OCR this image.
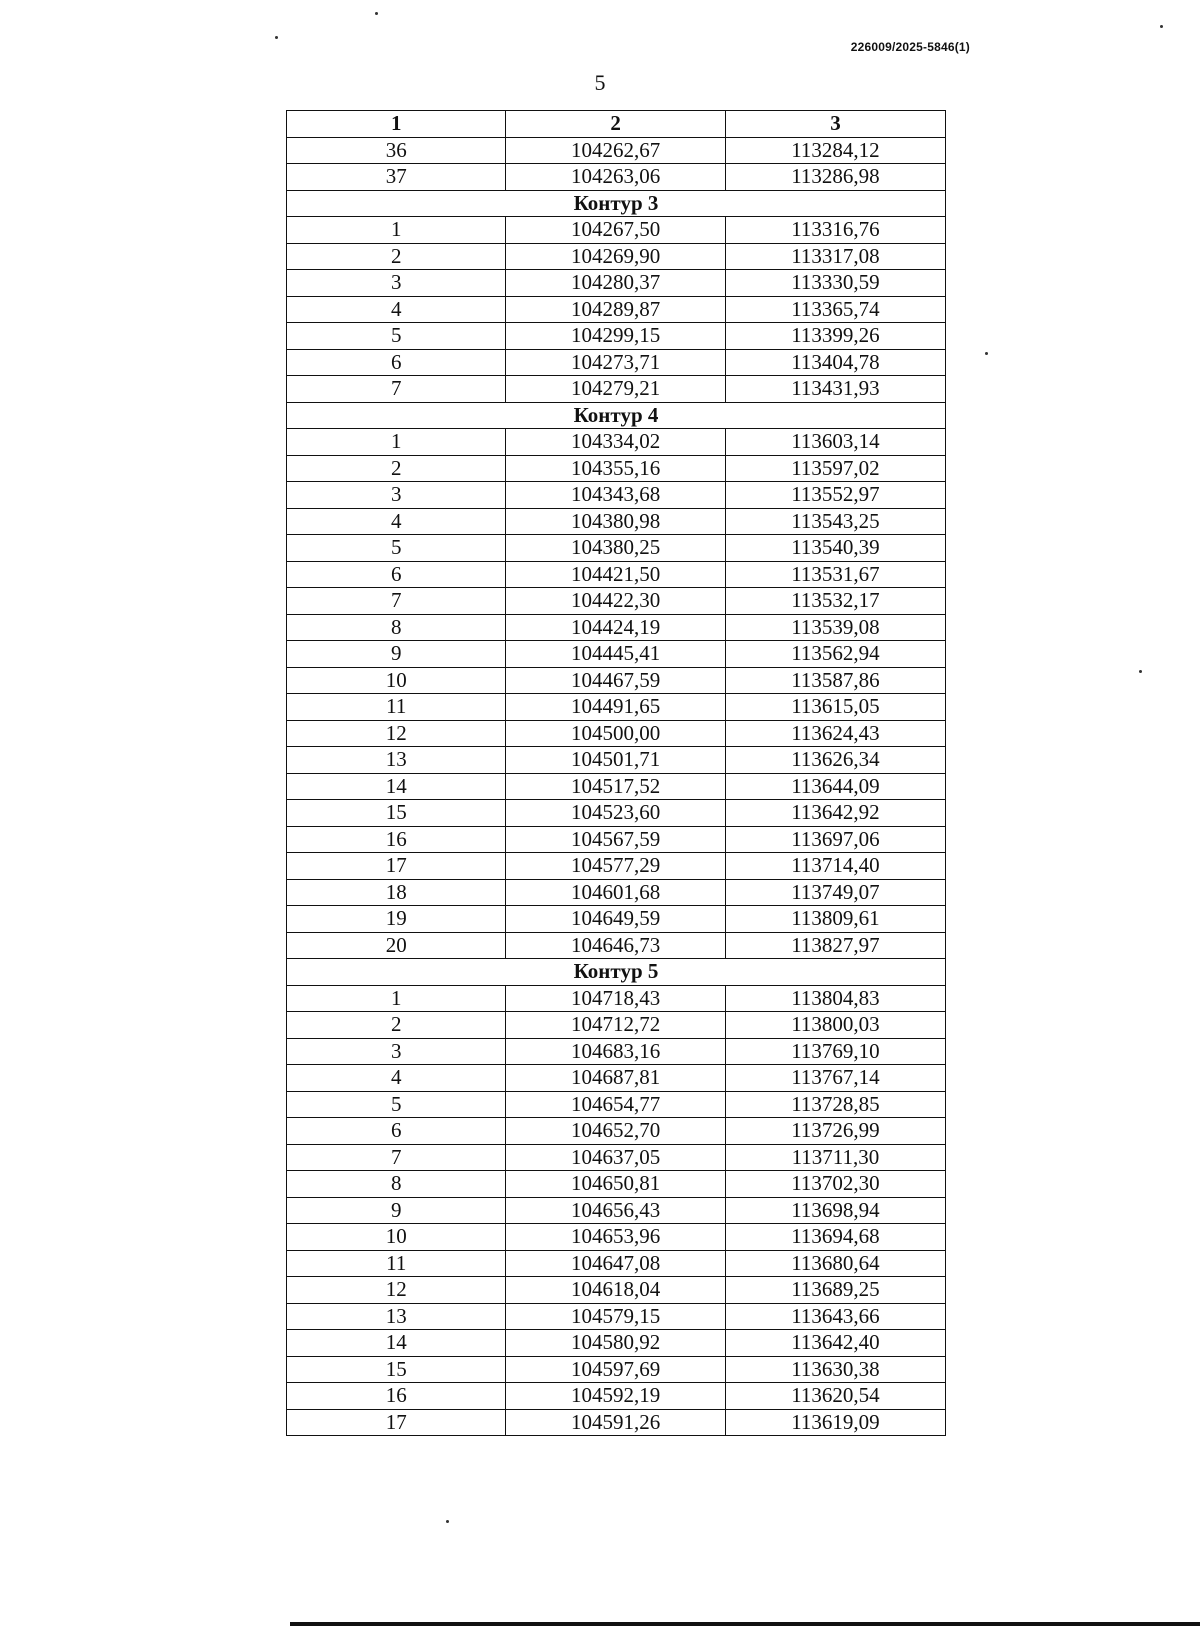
226009/2025-5846(1)
5
1	2	3
36	104262,67	113284,12
37	104263,06	113286,98
Контур 3		
1	104267,50	113316,76
2	104269,90	113317,08
3	104280,37	113330,59
4	104289,87	113365,74
5	104299,15	113399,26
6	104273,71	113404,78
7	104279,21	113431,93
Контур 4		
1	104334,02	113603,14
2	104355,16	113597,02
3	104343,68	113552,97
4	104380,98	113543,25
5	104380,25	113540,39
6	104421,50	113531,67
7	104422,30	113532,17
8	104424,19	113539,08
9	104445,41	113562,94
10	104467,59	113587,86
11	104491,65	113615,05
12	104500,00	113624,43
13	104501,71	113626,34
14	104517,52	113644,09
15	104523,60	113642,92
16	104567,59	113697,06
17	104577,29	113714,40
18	104601,68	113749,07
19	104649,59	113809,61
20	104646,73	113827,97
Контур 5		
1	104718,43	113804,83
2	104712,72	113800,03
3	104683,16	113769,10
4	104687,81	113767,14
5	104654,77	113728,85
6	104652,70	113726,99
7	104637,05	113711,30
8	104650,81	113702,30
9	104656,43	113698,94
10	104653,96	113694,68
11	104647,08	113680,64
12	104618,04	113689,25
13	104579,15	113643,66
14	104580,92	113642,40
15	104597,69	113630,38
16	104592,19	113620,54
17	104591,26	113619,09
